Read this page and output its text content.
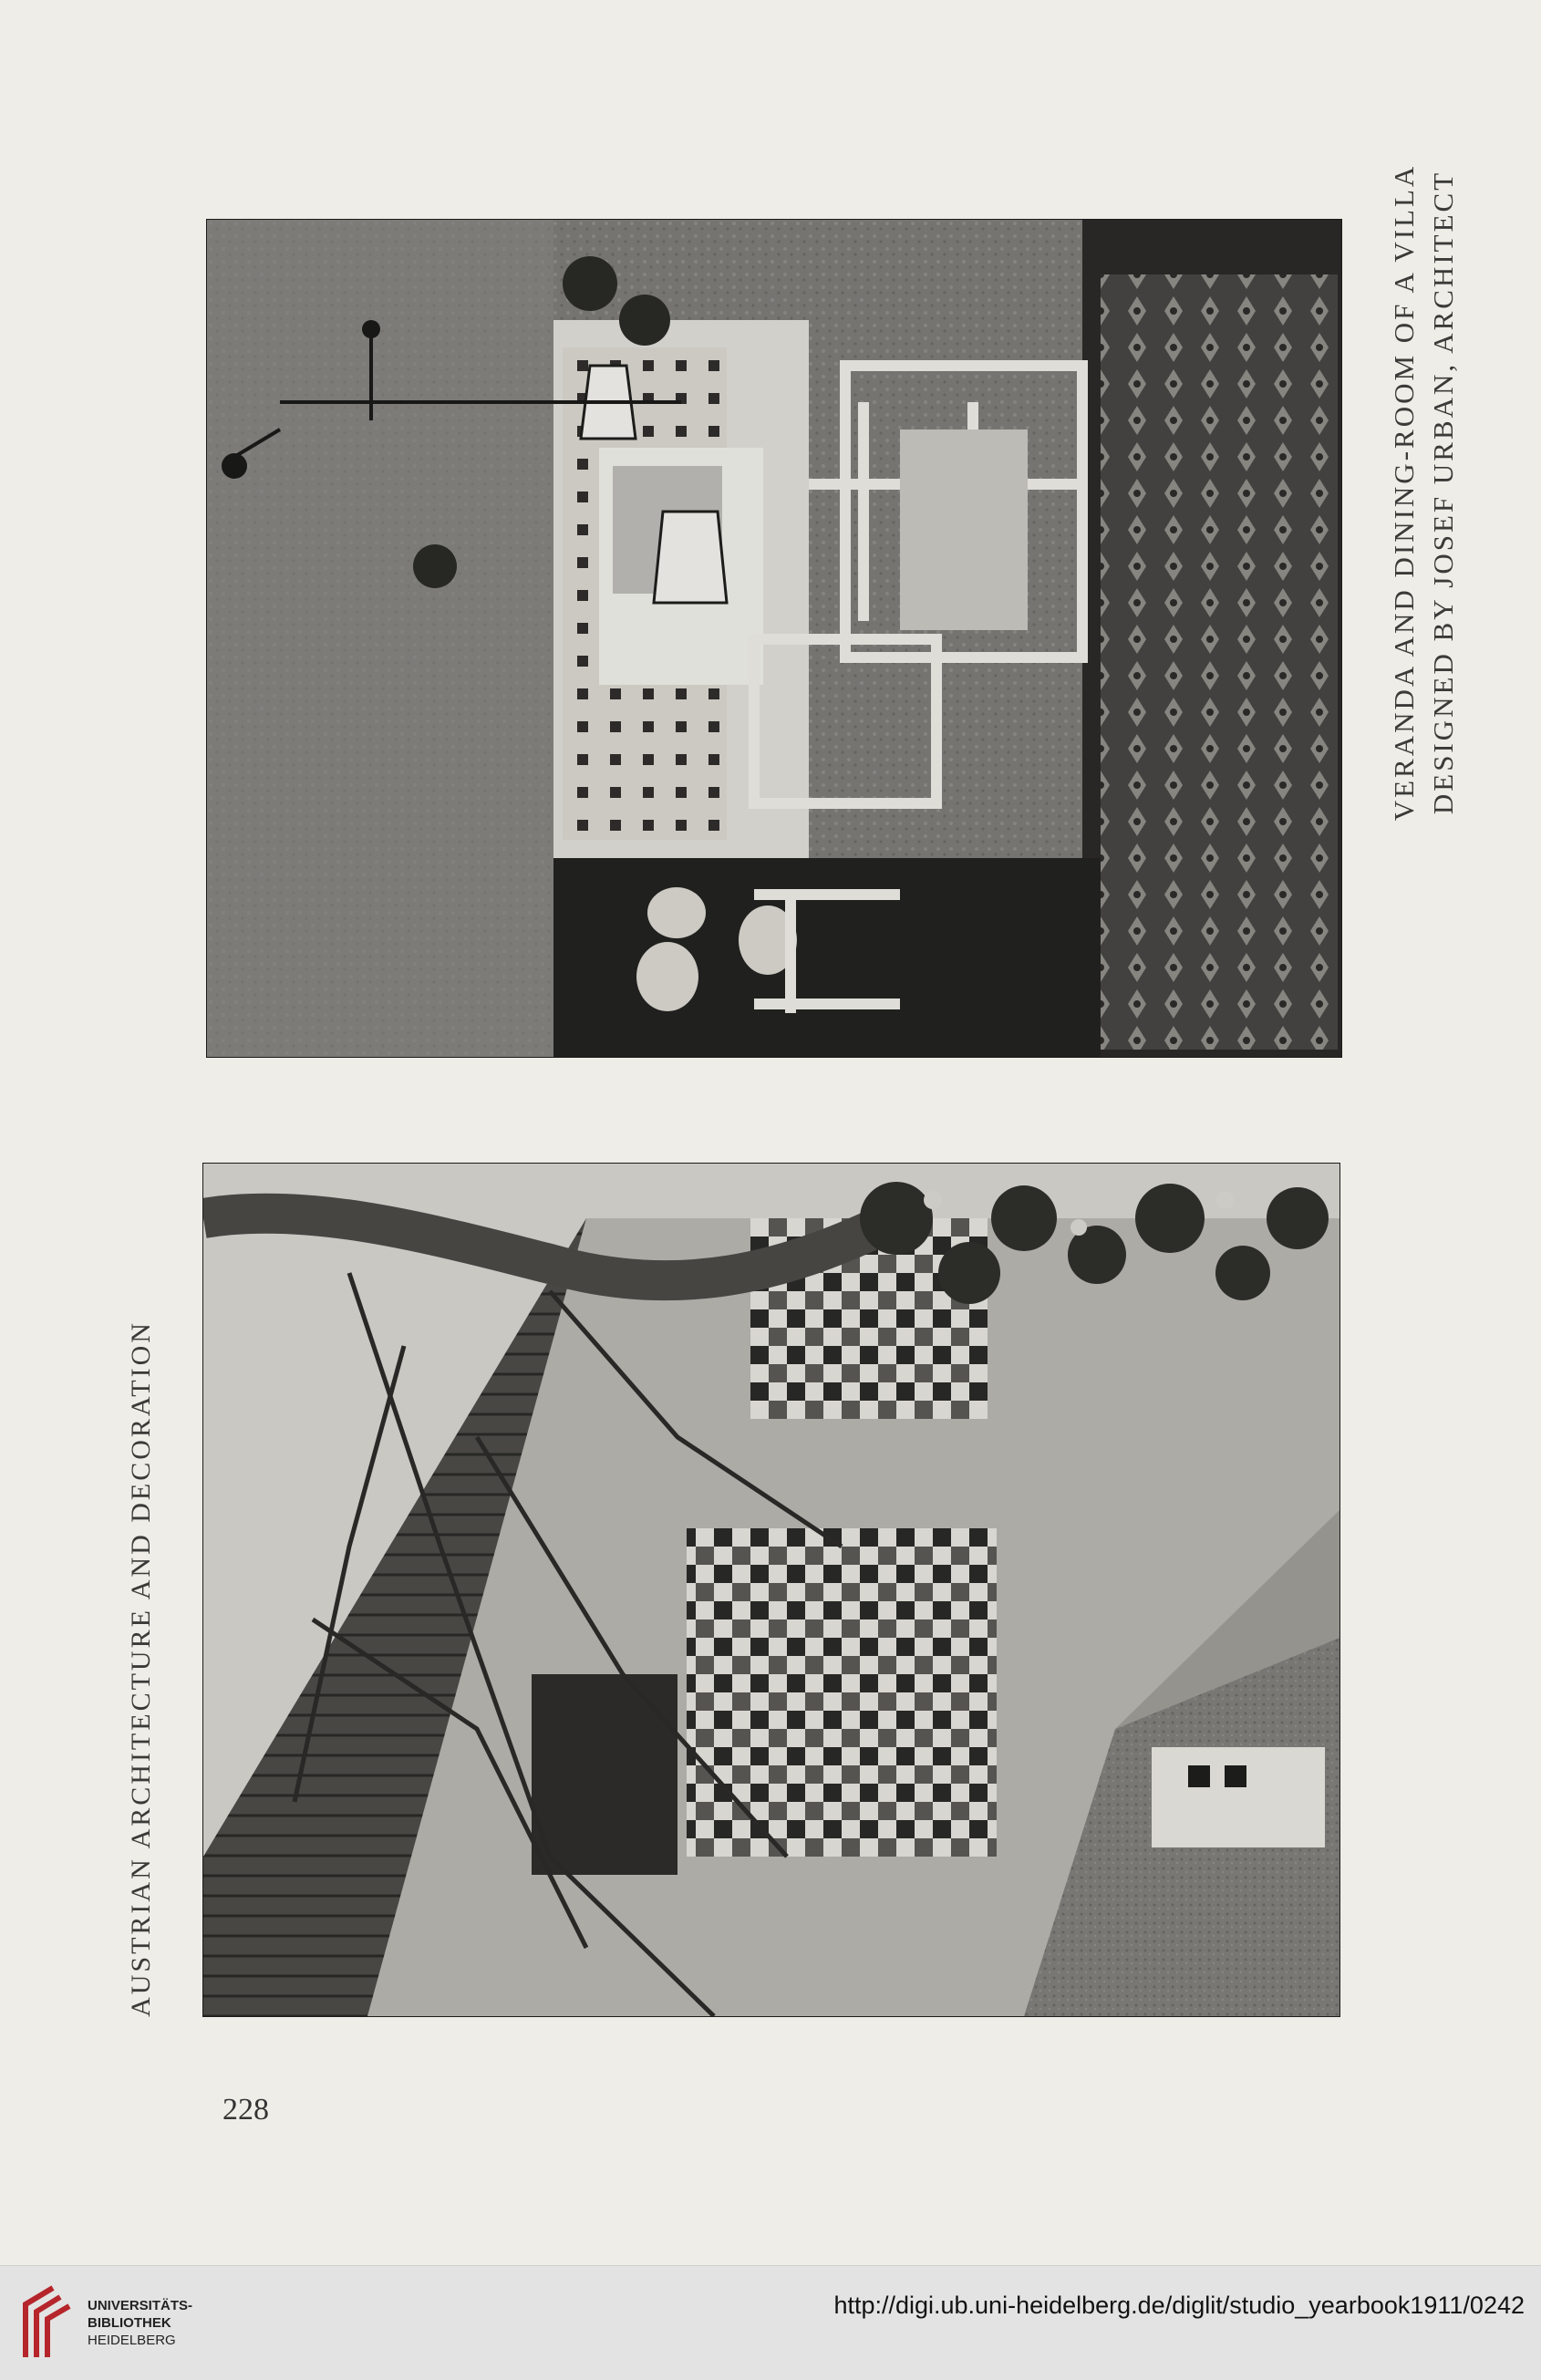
AUSTRIAN ARCHITECTURE AND DECORATION
VERANDA AND DINING-ROOM OF A VILLA DESIGNED BY JOSEF URBAN, ARCHITECT
228
UNIVERSITÄTS-
BIBLIOTHEK
HEIDELBERG
http://digi.ub.uni-heidelberg.de/diglit/studio_yearbook1911/0242
